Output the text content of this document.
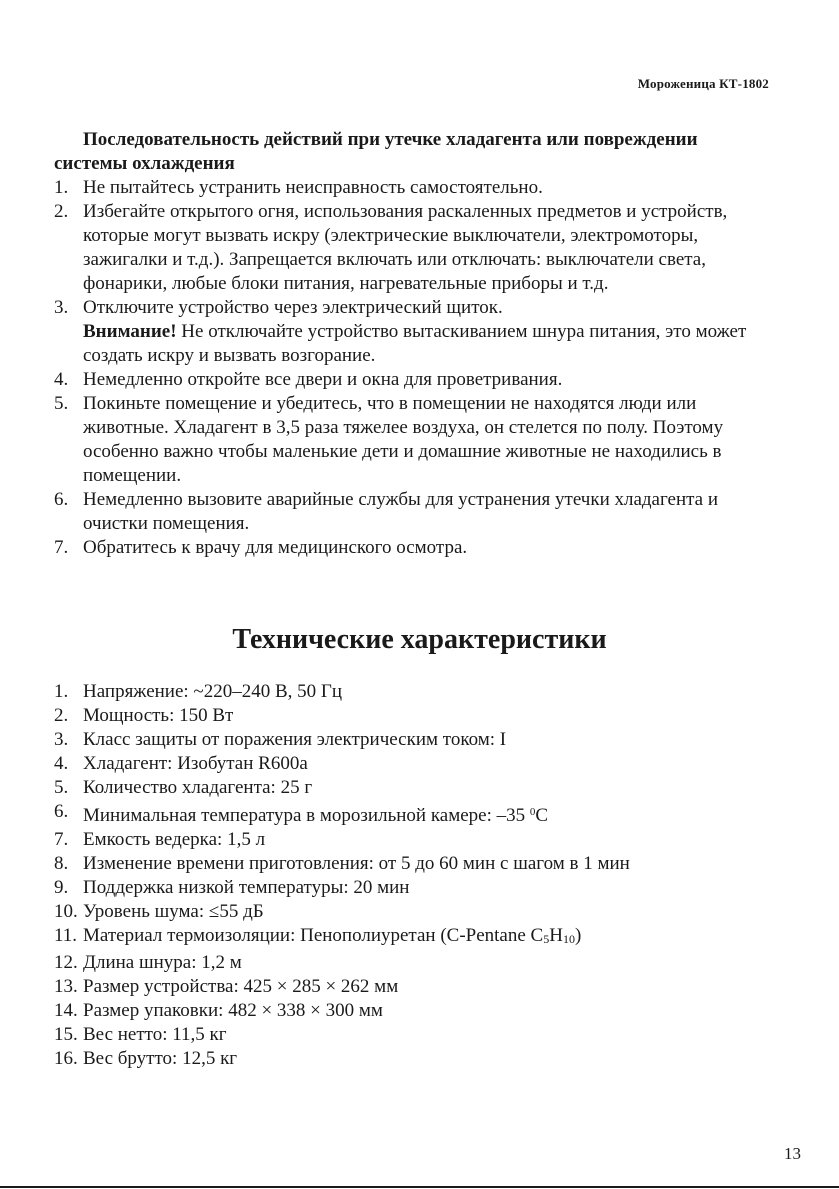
Мороженица КТ-1802
Последовательность действий при утечке хладагента или повреждении системы охлаждения
1. Не пытайтесь устранить неисправность самостоятельно.
2. Избегайте открытого огня, использования раскаленных предметов и устройств, которые могут вызвать искру (электрические выключатели, электромоторы, зажигалки и т.д.). Запрещается включать или отключать: выключатели света, фонарики, любые блоки питания, нагревательные приборы и т.д.
3. Отключите устройство через электрический щиток.
Внимание! Не отключайте устройство вытаскиванием шнура питания, это может создать искру и вызвать возгорание.
4. Немедленно откройте все двери и окна для проветривания.
5. Покиньте помещение и убедитесь, что в помещении не находятся люди или животные. Хладагент в 3,5 раза тяжелее воздуха, он стелется по полу. Поэтому особенно важно чтобы маленькие дети и домашние животные не находились в помещении.
6. Немедленно вызовите аварийные службы для устранения утечки хладагента и очистки помещения.
7. Обратитесь к врачу для медицинского осмотра.
Технические характеристики
1. Напряжение: ~220–240 В, 50 Гц
2. Мощность: 150 Вт
3. Класс защиты от поражения электрическим током: I
4. Хладагент: Изобутан R600a
5. Количество хладагента: 25 г
6. Минимальная температура в морозильной камере: –35 $^0$С
7. Емкость ведерка: 1,5 л
8. Изменение времени приготовления: от 5 до 60 мин с шагом в 1 мин
9. Поддержка низкой температуры: 20 мин
10. Уровень шума: ≤55 дБ
11. Материал термоизоляции: Пенополиуретан (C-Pentane C5H10)
12. Длина шнура: 1,2 м
13. Размер устройства: 425 × 285 × 262 мм
14. Размер упаковки: 482 × 338 × 300 мм
15. Вес нетто: 11,5 кг
16. Вес брутто: 12,5 кг
13
